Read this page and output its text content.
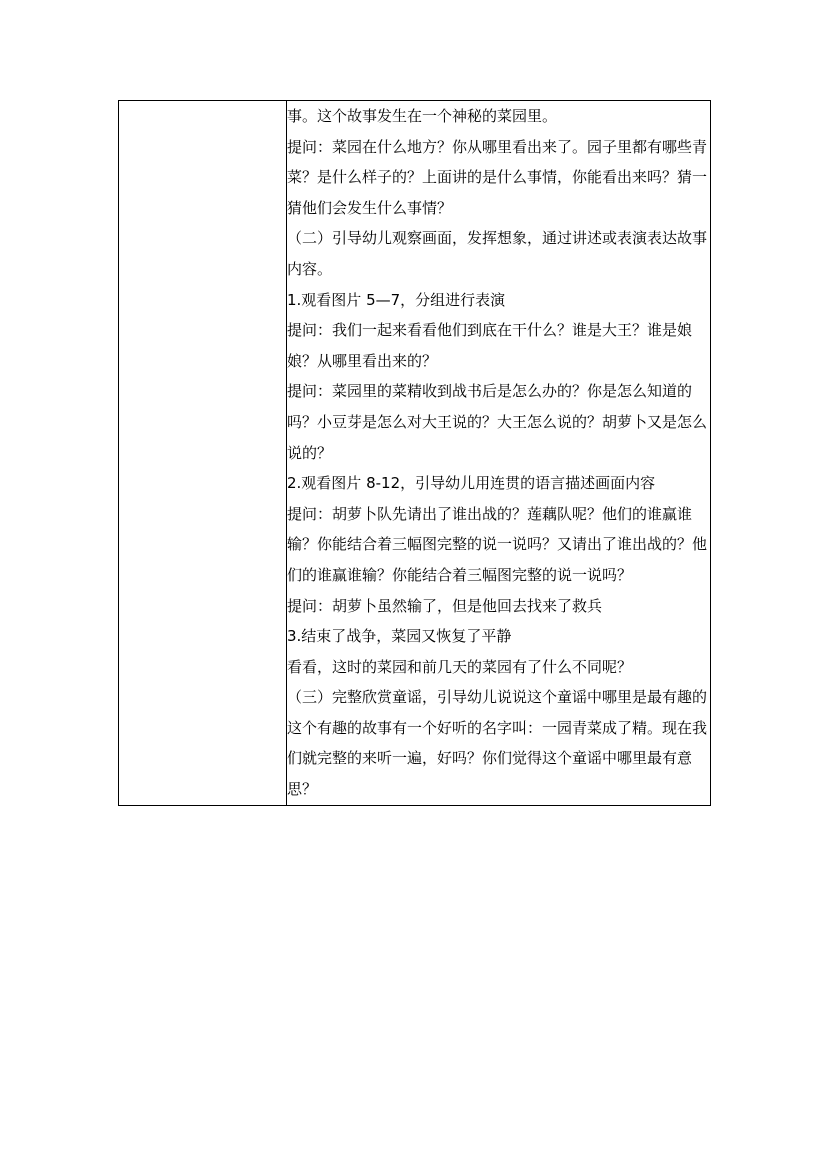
事。这个故事发生在一个神秘的菜园里。

提问：菜园在什么地方？你从哪里看出来了。园子里都有哪些青菜？是什么样子的？上面讲的是什么事情，你能看出来吗？猜一猜他们会发生什么事情？

（二）引导幼儿观察画面，发挥想象，通过讲述或表演表达故事内容。

1.观看图片 5—7，分组进行表演

提问：我们一起来看看他们到底在干什么？谁是大王？谁是娘娘？从哪里看出来的？

提问：菜园里的菜精收到战书后是怎么办的？你是怎么知道的吗？小豆芽是怎么对大王说的？大王怎么说的？胡萝卜又是怎么说的？

2.观看图片 8-12，引导幼儿用连贯的语言描述画面内容

提问：胡萝卜队先请出了谁出战的？莲藕队呢？他们的谁赢谁输？你能结合着三幅图完整的说一说吗？又请出了谁出战的？他们的谁赢谁输？你能结合着三幅图完整的说一说吗？

提问：胡萝卜虽然输了，但是他回去找来了救兵

3.结束了战争，菜园又恢复了平静

看看，这时的菜园和前几天的菜园有了什么不同呢？

（三）完整欣赏童谣，引导幼儿说说这个童谣中哪里是最有趣的这个有趣的故事有一个好听的名字叫：一园青菜成了精。现在我们就完整的来听一遍，好吗？你们觉得这个童谣中哪里最有意思？
